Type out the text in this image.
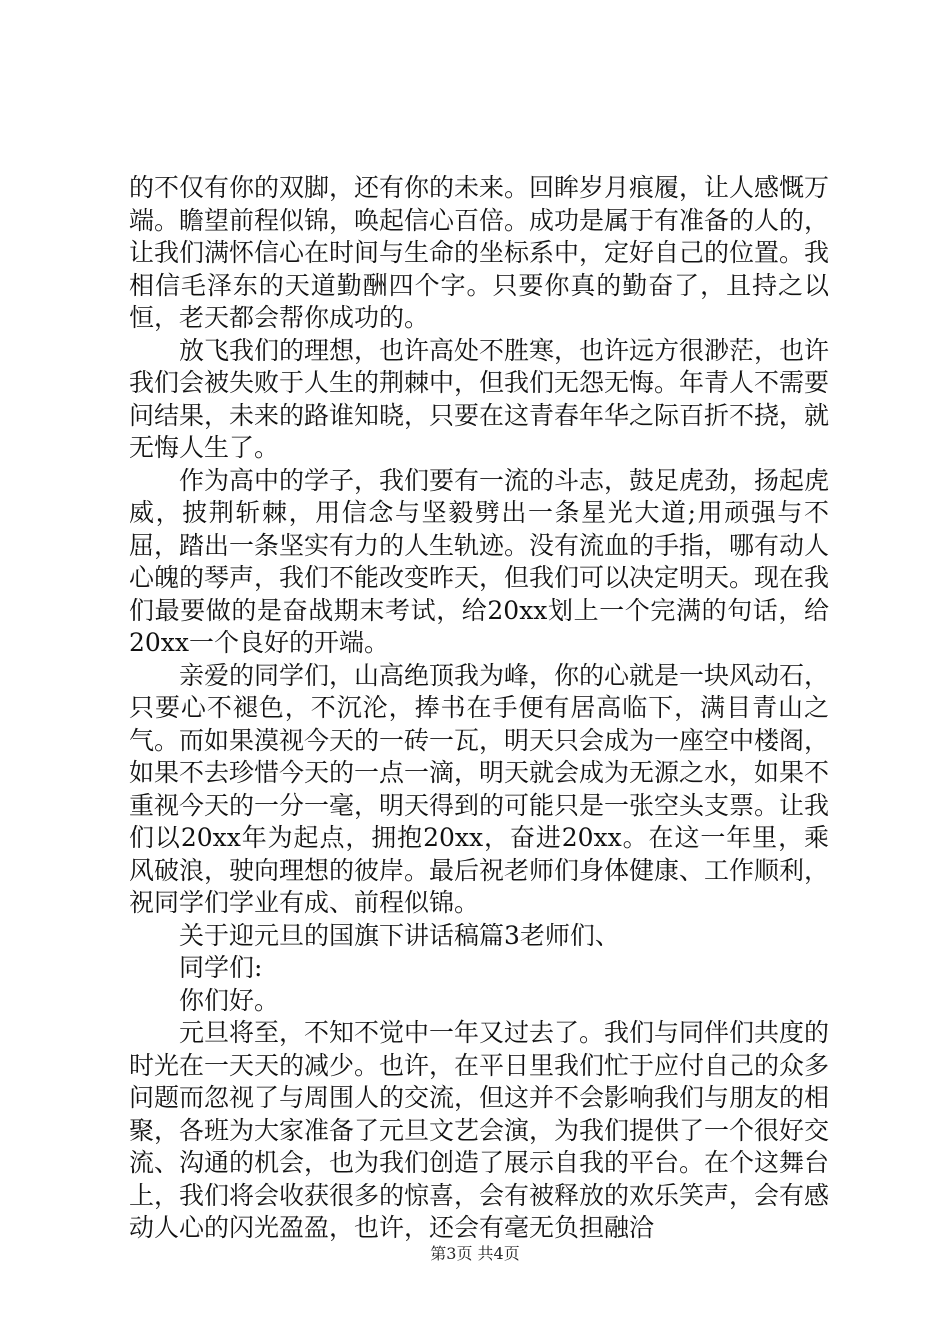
的不仅有你的双脚，还有你的未来。回眸岁月痕履，让人感慨万端。瞻望前程似锦，唤起信心百倍。成功是属于有准备的人的，让我们满怀信心在时间与生命的坐标系中，定好自己的位置。我相信毛泽东的天道勤酬四个字。只要你真的勤奋了，且持之以恒，老天都会帮你成功的。

放飞我们的理想，也许高处不胜寒，也许远方很渺茫，也许我们会被失败于人生的荆棘中，但我们无怨无悔。年青人不需要问结果，未来的路谁知晓，只要在这青春年华之际百折不挠，就无悔人生了。

作为高中的学子，我们要有一流的斗志，鼓足虎劲，扬起虎威，披荆斩棘，用信念与坚毅劈出一条星光大道;用顽强与不屈，踏出一条坚实有力的人生轨迹。没有流血的手指，哪有动人心魄的琴声，我们不能改变昨天，但我们可以决定明天。现在我们最要做的是奋战期末考试，给20xx划上一个完满的句话，给20xx一个良好的开端。

亲爱的同学们，山高绝顶我为峰，你的心就是一块风动石，只要心不褪色，不沉沦，捧书在手便有居高临下，满目青山之气。而如果漠视今天的一砖一瓦，明天只会成为一座空中楼阁，如果不去珍惜今天的一点一滴，明天就会成为无源之水，如果不重视今天的一分一毫，明天得到的可能只是一张空头支票。让我们以20xx年为起点，拥抱20xx，奋进20xx。在这一年里，乘风破浪，驶向理想的彼岸。最后祝老师们身体健康、工作顺利，祝同学们学业有成、前程似锦。

关于迎元旦的国旗下讲话稿篇3老师们、

同学们:

你们好。

元旦将至，不知不觉中一年又过去了。我们与同伴们共度的时光在一天天的减少。也许，在平日里我们忙于应付自己的众多问题而忽视了与周围人的交流，但这并不会影响我们与朋友的相聚，各班为大家准备了元旦文艺会演，为我们提供了一个很好交流、沟通的机会，也为我们创造了展示自我的平台。在个这舞台上，我们将会收获很多的惊喜，会有被释放的欢乐笑声，会有感动人心的闪光盈盈，也许，还会有毫无负担融洽

第3页 共4页
